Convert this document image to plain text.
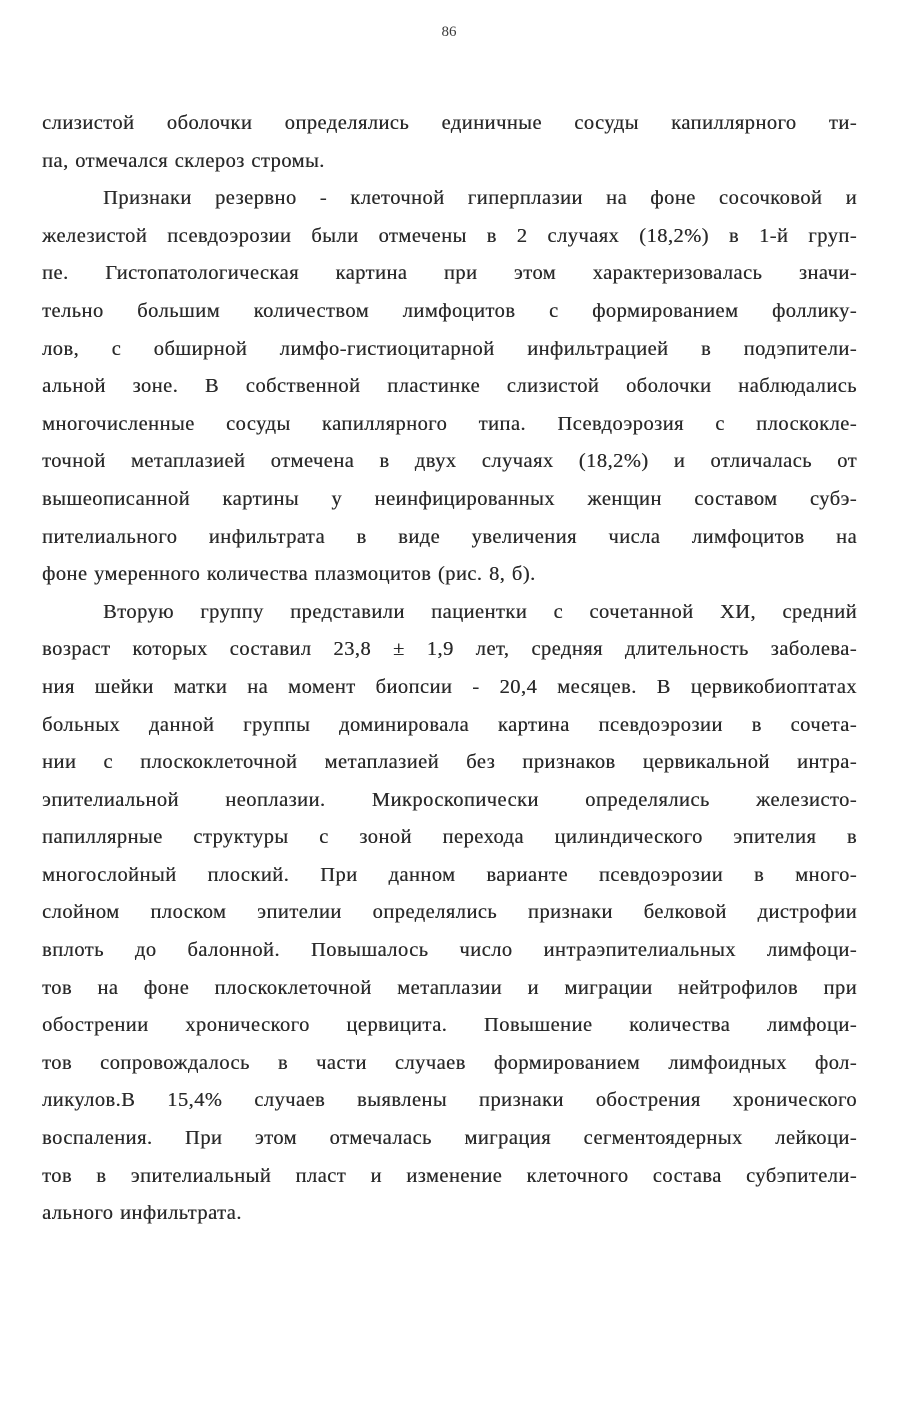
86
слизистой оболочки определялись единичные сосуды капиллярного ти-
па, отмечался склероз стромы.
Признаки резервно - клеточной гиперплазии на фоне сосочковой и
железистой псевдоэрозии были отмечены в 2 случаях (18,2%) в 1-й груп-
пе. Гистопатологическая картина при этом характеризовалась значи-
тельно большим количеством лимфоцитов с формированием фоллику-
лов, с обширной лимфо-гистиоцитарной инфильтрацией в подэпители-
альной зоне. В собственной пластинке слизистой оболочки наблюдались
многочисленные сосуды капиллярного типа. Псевдоэрозия с плоскокле-
точной метаплазией отмечена в двух случаях (18,2%) и отличалась от
вышеописанной картины у неинфицированных женщин составом субэ-
пителиального инфильтрата в виде увеличения числа лимфоцитов на
фоне умеренного количества плазмоцитов (рис. 8, б).
Вторую группу представили пациентки с сочетанной ХИ, средний
возраст которых составил 23,8 ± 1,9 лет, средняя длительность заболева-
ния шейки матки на момент биопсии - 20,4 месяцев. В цервикобиоптатах
больных данной группы доминировала картина псевдоэрозии в сочета-
нии с плоскоклеточной метаплазией без признаков цервикальной интра-
эпителиальной неоплазии. Микроскопически определялись железисто-
папиллярные структуры с зоной перехода цилиндического эпителия в
многослойный плоский. При данном варианте псевдоэрозии в много-
слойном плоском эпителии определялись признаки белковой дистрофии
вплоть до балонной. Повышалось число интраэпителиальных лимфоци-
тов на фоне плоскоклеточной метаплазии и миграции нейтрофилов при
обострении хронического цервицита. Повышение количества лимфоци-
тов сопровождалось в части случаев формированием лимфоидных фол-
ликулов.В 15,4% случаев выявлены признаки обострения хронического
воспаления. При этом отмечалась миграция сегментоядерных лейкоци-
тов в эпителиальный пласт и изменение клеточного состава субэпители-
ального инфильтрата.
